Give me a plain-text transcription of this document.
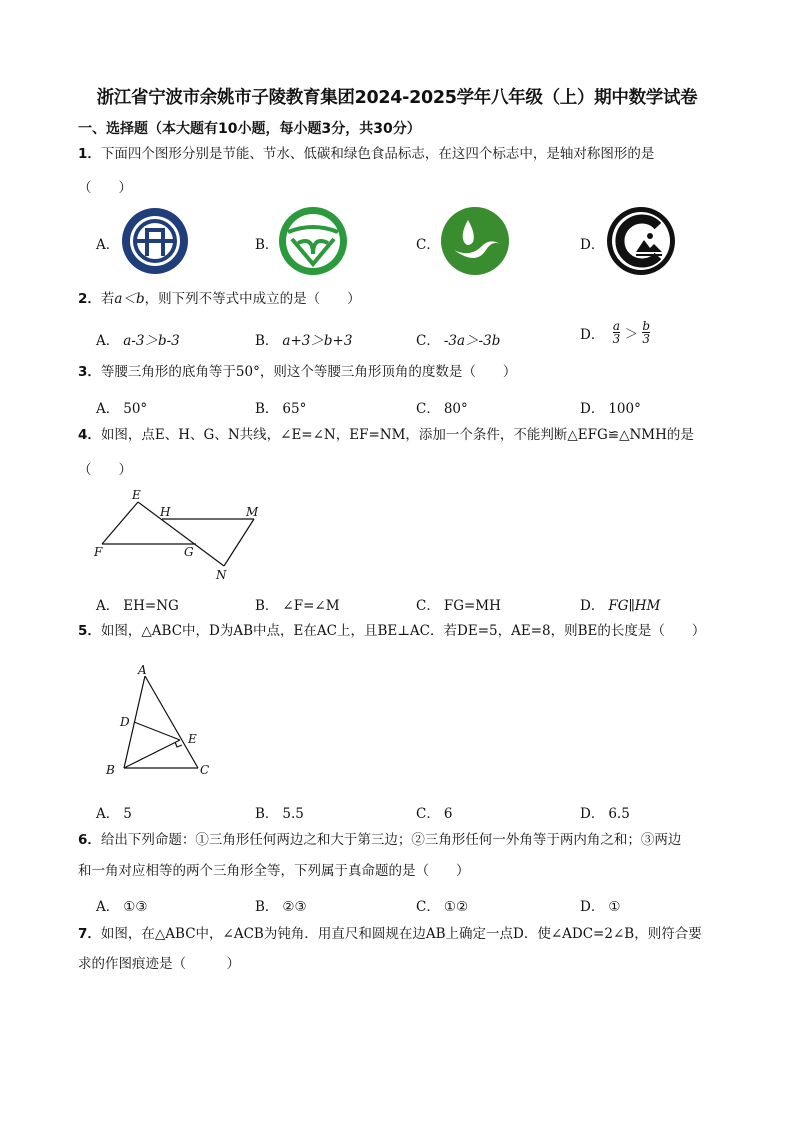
浙江省宁波市余姚市子陵教育集团2024-2025学年八年级（上）期中数学试卷
一、选择题（本大题有10小题，每小题3分，共30分）
1．下面四个图形分别是节能、节水、低碳和绿色食品标志，在这四个标志中，是轴对称图形的是
（　　）
A．	B．	C．	D．
2．若a＜b，则下列不等式中成立的是（　　）
A． a-3＞b-3	B． a+3＞b+3	C． -3a＞-3b	D． $\frac{a}{3} > \frac{b}{3}$
3．等腰三角形的底角等于50°，则这个等腰三角形顶角的度数是（　　）
A． 50°	B． 65°	C． 80°	D． 100°
4．如图，点E、H、G、N共线，∠E=∠N，EF=NM，添加一个条件，不能判断△EFG≌△NMH的是
（　　）
E
H	M
F	G
N
A． EH=NG	B． ∠F=∠M	C． FG=MH	D． FG∥HM
5．如图，△ABC中，D为AB中点，E在AC上，且BE⊥AC．若DE=5，AE=8，则BE的长度是（　　）
A
D
E
B	C
A． 5	B． 5.5	C． 6	D． 6.5
6．给出下列命题：①三角形任何两边之和大于第三边；②三角形任何一外角等于两内角之和；③两边
和一角对应相等的两个三角形全等，下列属于真命题的是（　　）
A． ①③	B． ②③	C． ①②	D． ①
7．如图，在△ABC中，∠ACB为钝角．用直尺和圆规在边AB上确定一点D．使∠ADC=2∠B，则符合要
求的作图痕迹是（　　　）
